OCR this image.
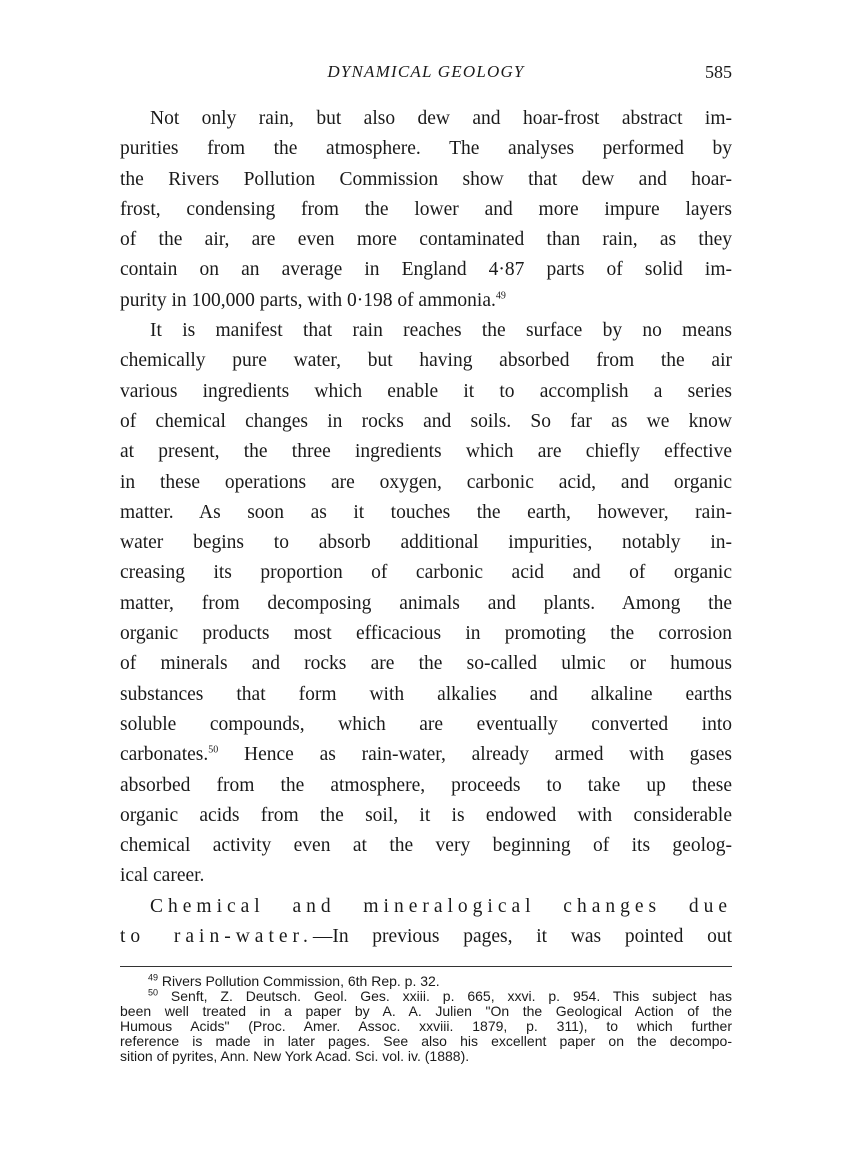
DYNAMICAL GEOLOGY	585
Not only rain, but also dew and hoar-frost abstract im-
purities from the atmosphere. The analyses performed by
the Rivers Pollution Commission show that dew and hoar-
frost, condensing from the lower and more impure layers
of the air, are even more contaminated than rain, as they
contain on an average in England 4·87 parts of solid im-
purity in 100,000 parts, with 0·198 of ammonia.$^{49}$
It is manifest that rain reaches the surface by no means
chemically pure water, but having absorbed from the air
various ingredients which enable it to accomplish a series
of chemical changes in rocks and soils. So far as we know
at present, the three ingredients which are chiefly effective
in these operations are oxygen, carbonic acid, and organic
matter. As soon as it touches the earth, however, rain-
water begins to absorb additional impurities, notably in-
creasing its proportion of carbonic acid and of organic
matter, from decomposing animals and plants. Among the
organic products most efficacious in promoting the corrosion
of minerals and rocks are the so-called ulmic or humous
substances that form with alkalies and alkaline earths
soluble compounds, which are eventually converted into
carbonates.$^{50}$ Hence as rain-water, already armed with gases
absorbed from the atmosphere, proceeds to take up these
organic acids from the soil, it is endowed with considerable
chemical activity even at the very beginning of its geolog-
ical career.
Chemical and mineralogical changes due
to rain-water.—In previous pages, it was pointed out
$^{49}$ Rivers Pollution Commission, 6th Rep. p. 32.
$^{50}$ Senft, Z. Deutsch. Geol. Ges. xxiii. p. 665, xxvi. p. 954. This subject has
been well treated in a paper by A. A. Julien "On the Geological Action of the
Humous Acids" (Proc. Amer. Assoc. xxviii. 1879, p. 311), to which further
reference is made in later pages. See also his excellent paper on the decompo-
sition of pyrites, Ann. New York Acad. Sci. vol. iv. (1888).
